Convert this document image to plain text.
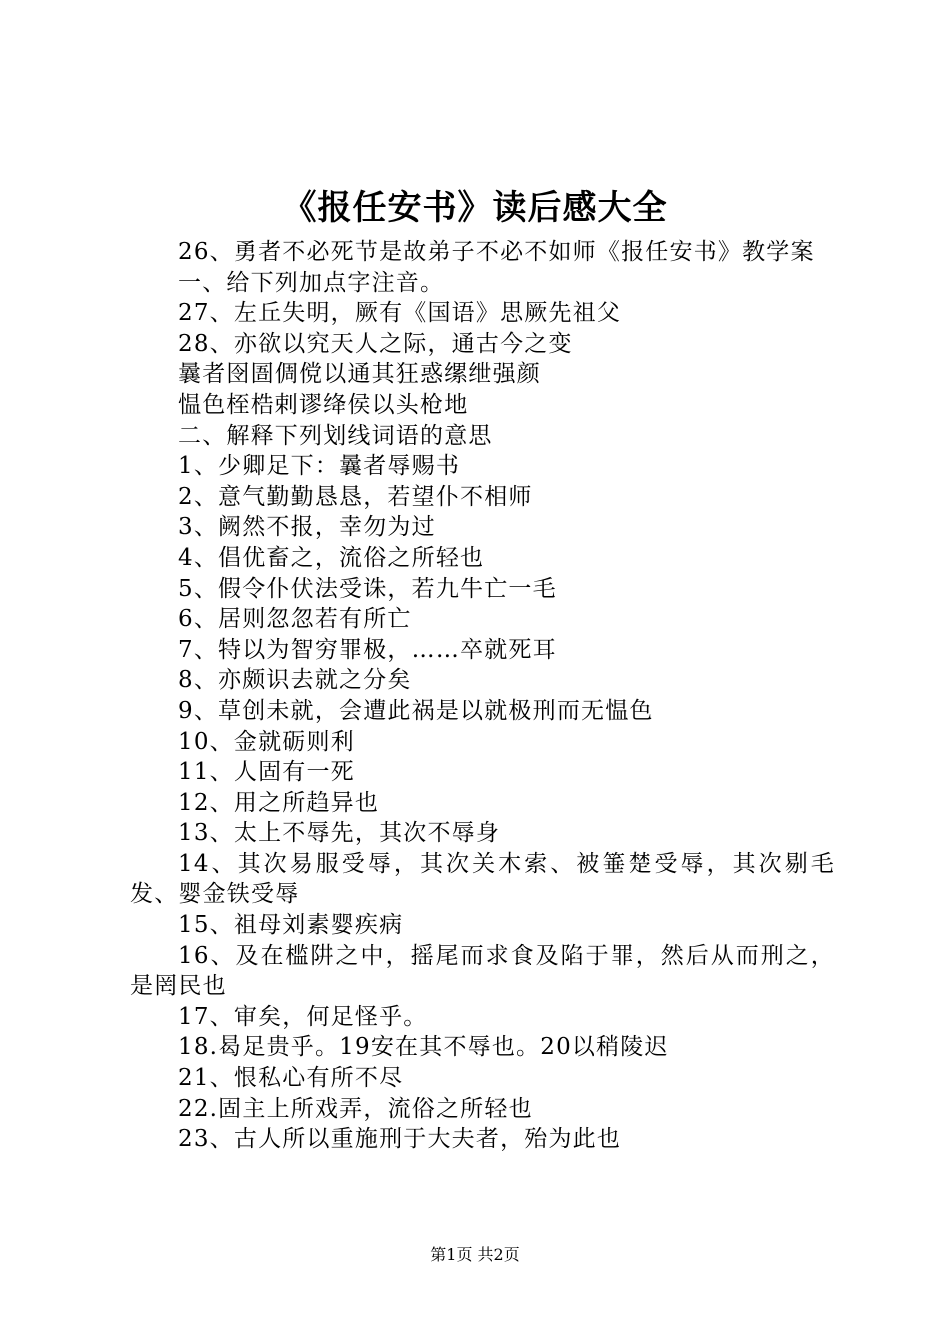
《报任安书》读后感大全

26、勇者不必死节是故弟子不必不如师《报任安书》教学案

一、给下列加点字注音。

27、左丘失明，厥有《国语》思厥先祖父

28、亦欲以究天人之际，通古今之变

曩者囹圄倜傥以通其狂惑缧绁强颜

愠色桎梏剌谬绛侯以头枪地

二、解释下列划线词语的意思

1、少卿足下：曩者辱赐书

2、意气勤勤恳恳，若望仆不相师

3、阙然不报，幸勿为过

4、倡优畜之，流俗之所轻也

5、假令仆伏法受诛，若九牛亡一毛

6、居则忽忽若有所亡

7、特以为智穷罪极，……卒就死耳

8、亦颇识去就之分矣

9、草创未就，会遭此祸是以就极刑而无愠色

10、金就砺则利

11、人固有一死

12、用之所趋异也

13、太上不辱先，其次不辱身

14、其次易服受辱，其次关木索、被箠楚受辱，其次剔毛发、婴金铁受辱

15、祖母刘素婴疾病

16、及在槛阱之中，摇尾而求食及陷于罪，然后从而刑之，是罔民也

17、审矣，何足怪乎。

18.曷足贵乎。19安在其不辱也。20以稍陵迟

21、恨私心有所不尽

22.固主上所戏弄，流俗之所轻也

23、古人所以重施刑于大夫者，殆为此也

第1页 共2页
